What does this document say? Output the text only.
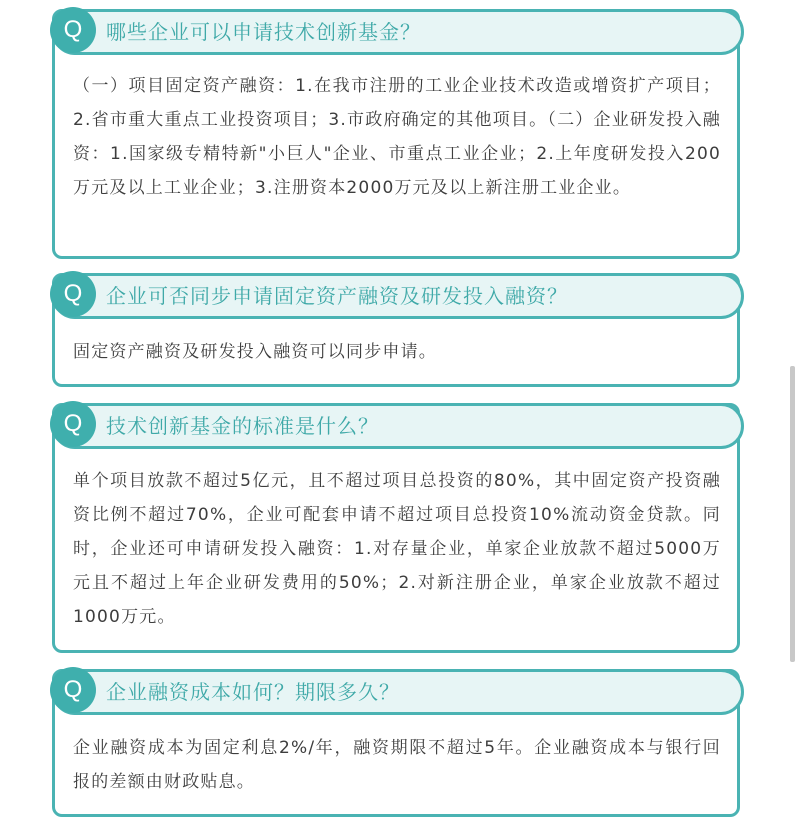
Q	哪些企业可以申请技术创新基金？
（一）项目固定资产融资：1.在我市注册的工业企业技术改造或增资扩产项目；2.省市重大重点工业投资项目；3.市政府确定的其他项目。（二）企业研发投入融资：1.国家级专精特新"小巨人"企业、市重点工业企业；2.上年度研发投入200万元及以上工业企业；3.注册资本2000万元及以上新注册工业企业。
Q	企业可否同步申请固定资产融资及研发投入融资？
固定资产融资及研发投入融资可以同步申请。
Q	技术创新基金的标准是什么？
单个项目放款不超过5亿元，且不超过项目总投资的80%，其中固定资产投资融资比例不超过70%，企业可配套申请不超过项目总投资10%流动资金贷款。同时，企业还可申请研发投入融资：1.对存量企业，单家企业放款不超过5000万元且不超过上年企业研发费用的50%；2.对新注册企业，单家企业放款不超过1000万元。
Q	企业融资成本如何？期限多久？
企业融资成本为固定利息2%/年，融资期限不超过5年。企业融资成本与银行回报的差额由财政贴息。
